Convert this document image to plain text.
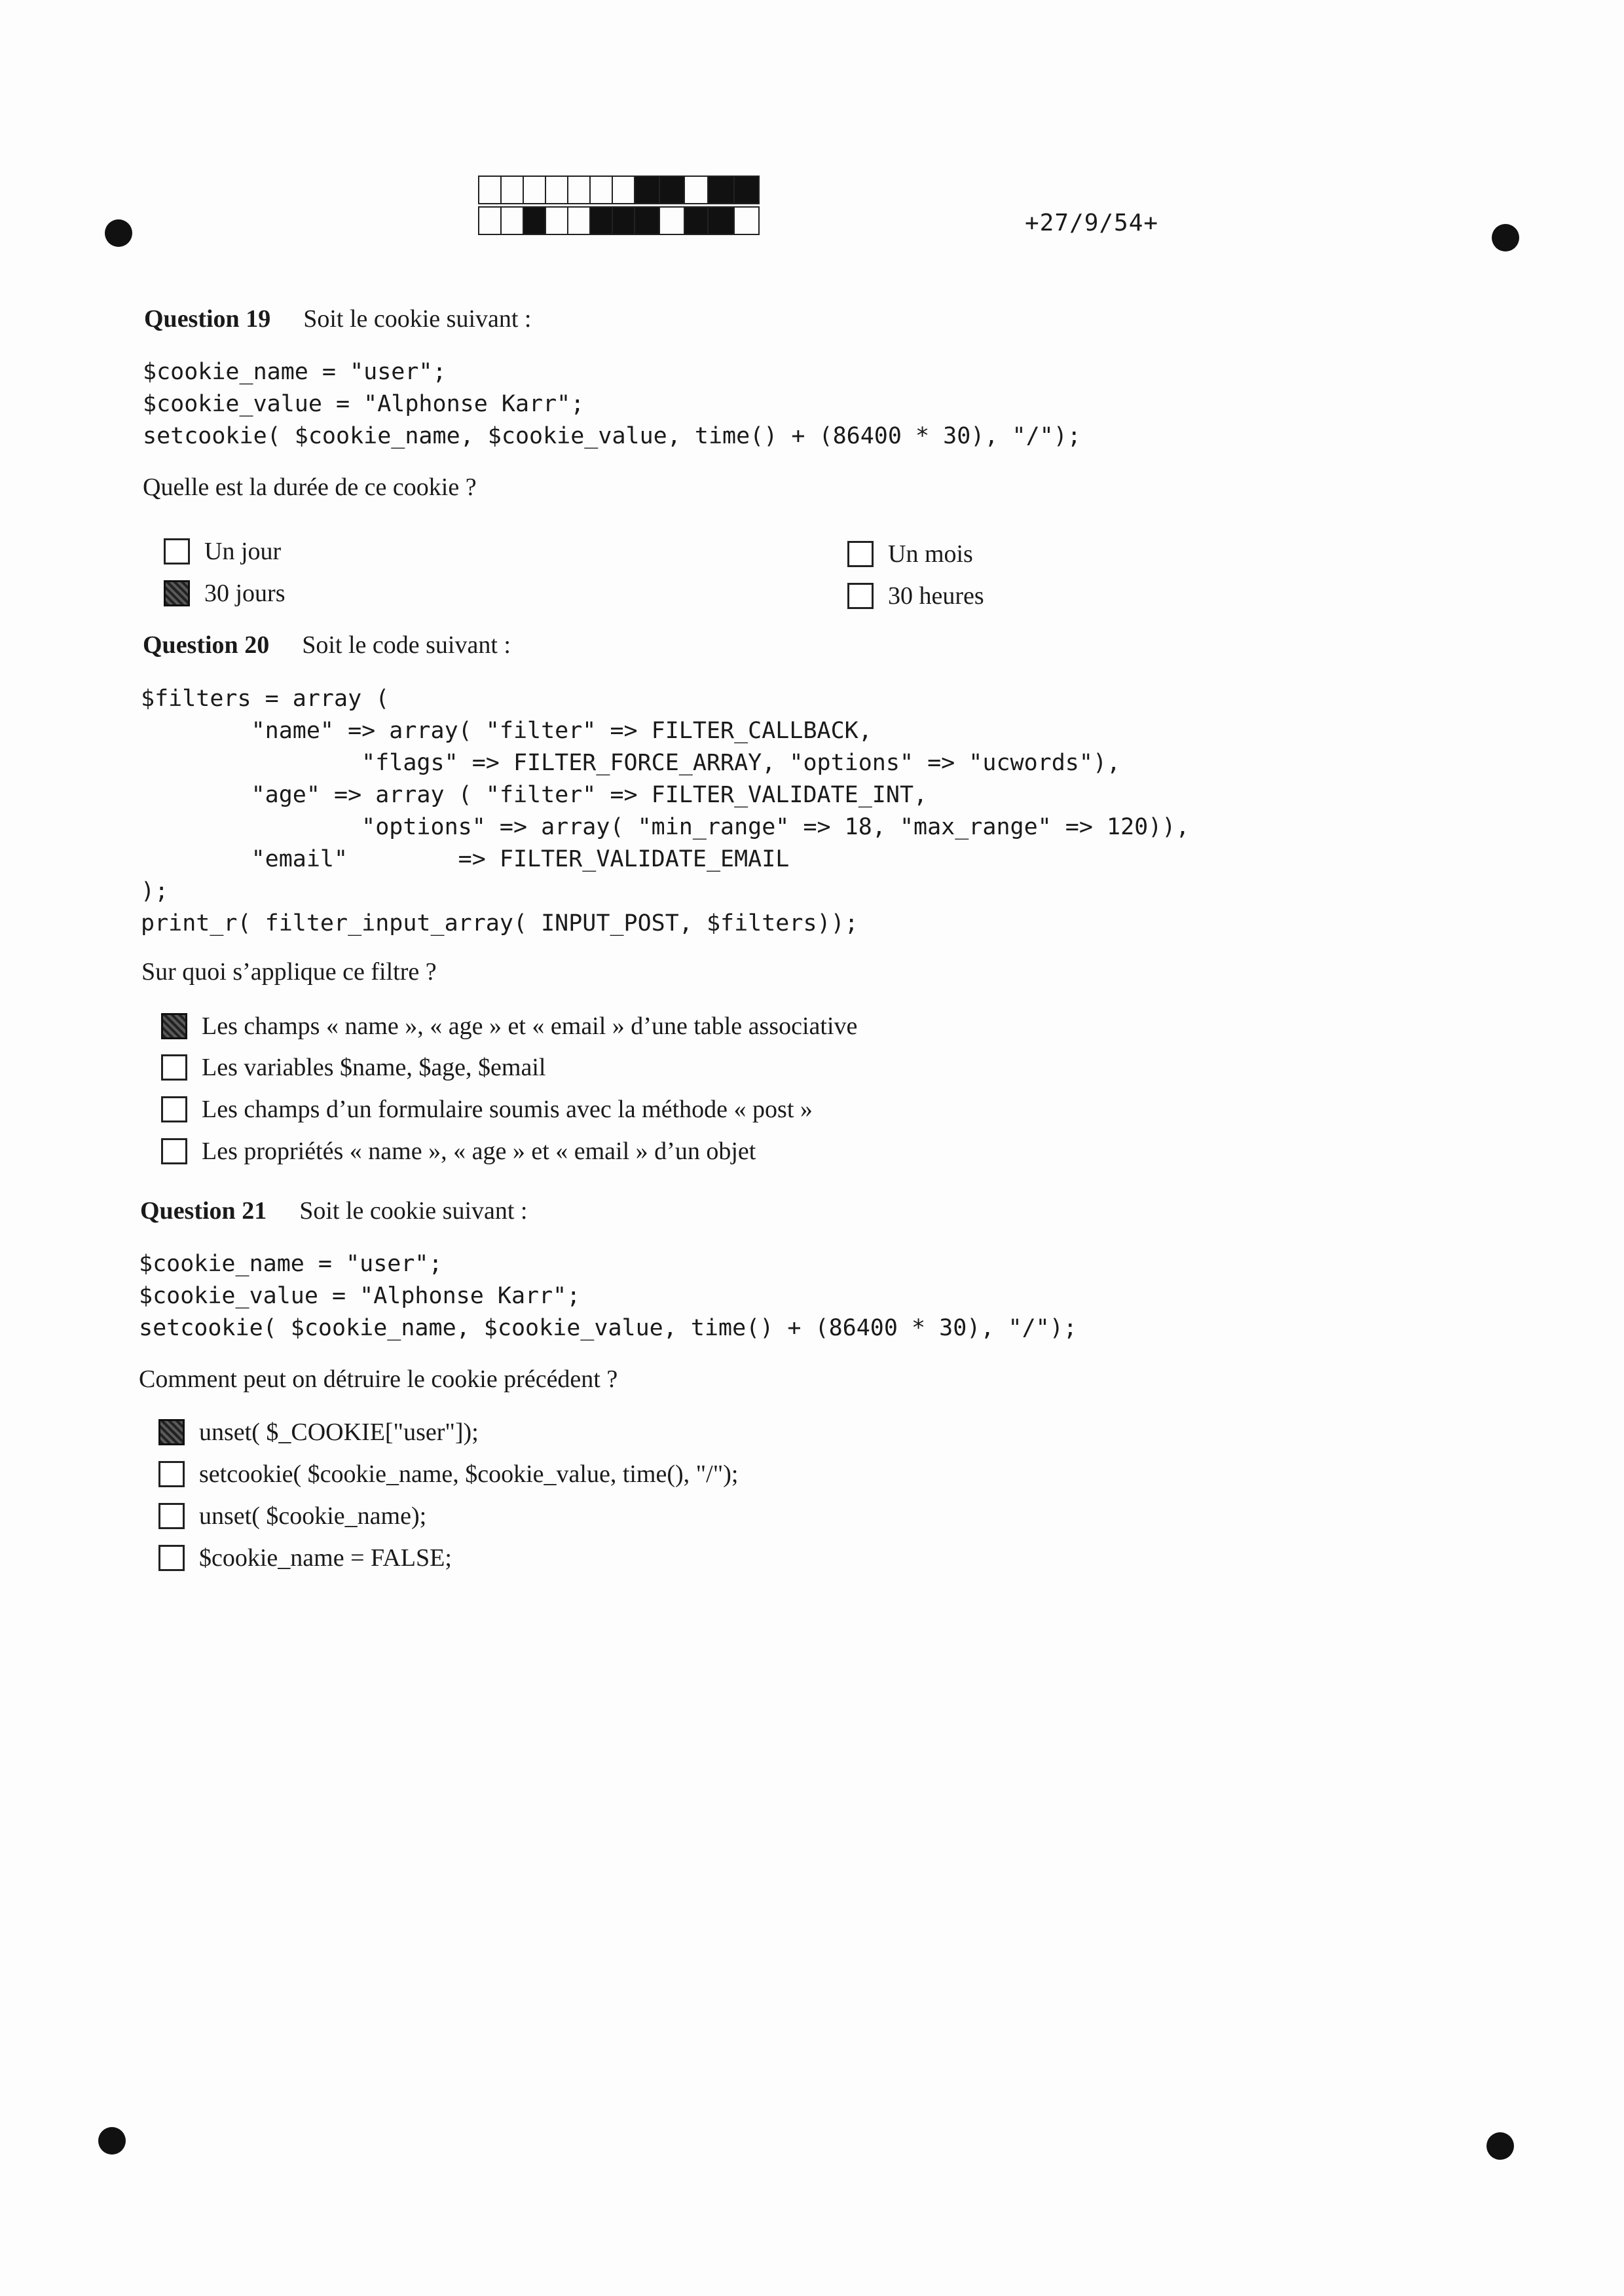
+27/9/54+
Question 19 Soit le cookie suivant :
$cookie_name = "user";
$cookie_value = "Alphonse Karr";
setcookie( $cookie_name, $cookie_value, time() + (86400 * 30), "/");
Quelle est la durée de ce cookie ?
Un jour
30 jours
Un mois
30 heures
Question 20 Soit le code suivant :
$filters = array (
"name" => array( "filter" => FILTER_CALLBACK,
"flags" => FILTER_FORCE_ARRAY, "options" => "ucwords"),
"age" => array ( "filter" => FILTER_VALIDATE_INT,
"options" => array( "min_range" => 18, "max_range" => 120)),
"email"        => FILTER_VALIDATE_EMAIL
);
print_r( filter_input_array( INPUT_POST, $filters));
Sur quoi s’applique ce filtre ?
Les champs « name », « age » et « email » d’une table associative
Les variables $name, $age, $email
Les champs d’un formulaire soumis avec la méthode « post »
Les propriétés « name », « age » et « email » d’un objet
Question 21 Soit le cookie suivant :
$cookie_name = "user";
$cookie_value = "Alphonse Karr";
setcookie( $cookie_name, $cookie_value, time() + (86400 * 30), "/");
Comment peut on détruire le cookie précédent ?
unset( $_COOKIE["user"]);
setcookie( $cookie_name, $cookie_value, time(), "/");
unset( $cookie_name);
$cookie_name = FALSE;
